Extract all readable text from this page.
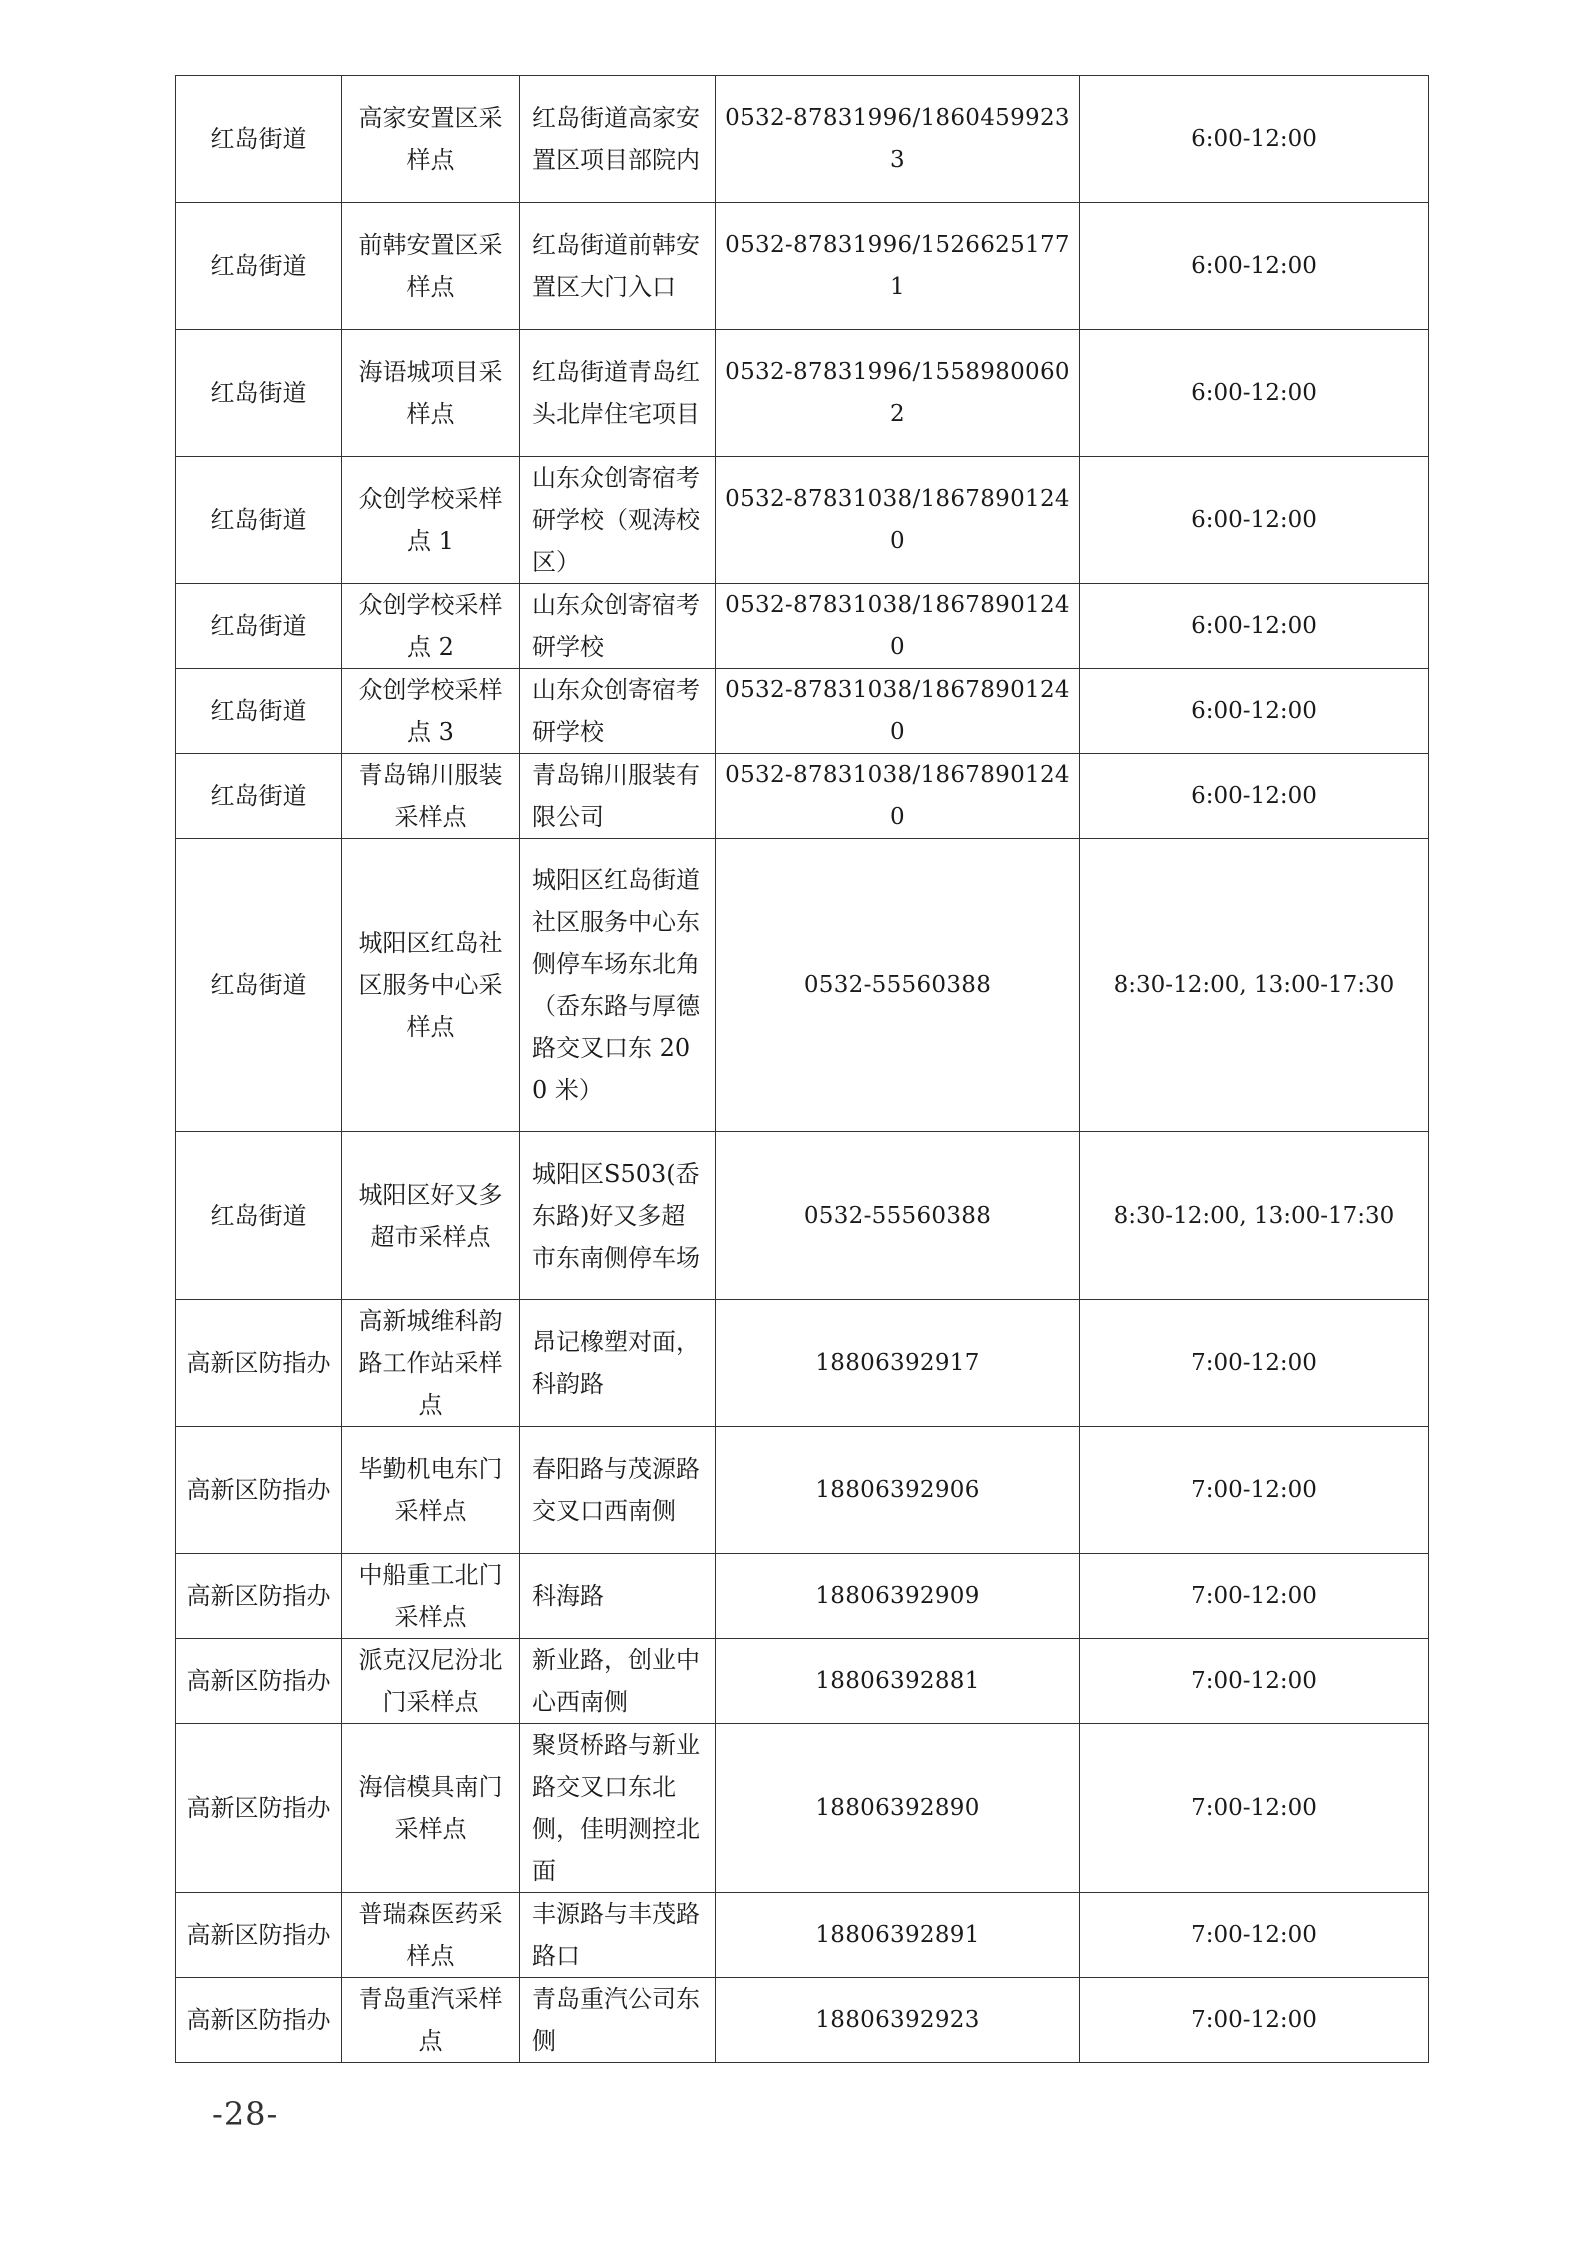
红岛街道	高家安置区采样点	红岛街道高家安置区项目部院内	0532-87831996/18604599233	6:00-12:00
红岛街道	前韩安置区采样点	红岛街道前韩安置区大门入口	0532-87831996/15266251771	6:00-12:00
红岛街道	海语城项目采样点	红岛街道青岛红头北岸住宅项目	0532-87831996/15589800602	6:00-12:00
红岛街道	众创学校采样点 1	山东众创寄宿考研学校（观涛校区）	0532-87831038/18678901240	6:00-12:00
红岛街道	众创学校采样点 2	山东众创寄宿考研学校	0532-87831038/18678901240	6:00-12:00
红岛街道	众创学校采样点 3	山东众创寄宿考研学校	0532-87831038/18678901240	6:00-12:00
红岛街道	青岛锦川服装采样点	青岛锦川服装有限公司	0532-87831038/18678901240	6:00-12:00
红岛街道	城阳区红岛社区服务中心采样点	城阳区红岛街道社区服务中心东侧停车场东北角（岙东路与厚德路交叉口东 200 米）	0532-55560388	8:30-12:00, 13:00-17:30
红岛街道	城阳区好又多超市采样点	城阳区S503(岙东路)好又多超市东南侧停车场	0532-55560388	8:30-12:00, 13:00-17:30
高新区防指办	高新城维科韵路工作站采样点	昂记橡塑对面，科韵路	18806392917	7:00-12:00
高新区防指办	毕勤机电东门采样点	春阳路与茂源路交叉口西南侧	18806392906	7:00-12:00
高新区防指办	中船重工北门采样点	科海路	18806392909	7:00-12:00
高新区防指办	派克汉尼汾北门采样点	新业路，创业中心西南侧	18806392881	7:00-12:00
高新区防指办	海信模具南门采样点	聚贤桥路与新业路交叉口东北侧，佳明测控北面	18806392890	7:00-12:00
高新区防指办	普瑞森医药采样点	丰源路与丰茂路路口	18806392891	7:00-12:00
高新区防指办	青岛重汽采样点	青岛重汽公司东侧	18806392923	7:00-12:00
-28-
